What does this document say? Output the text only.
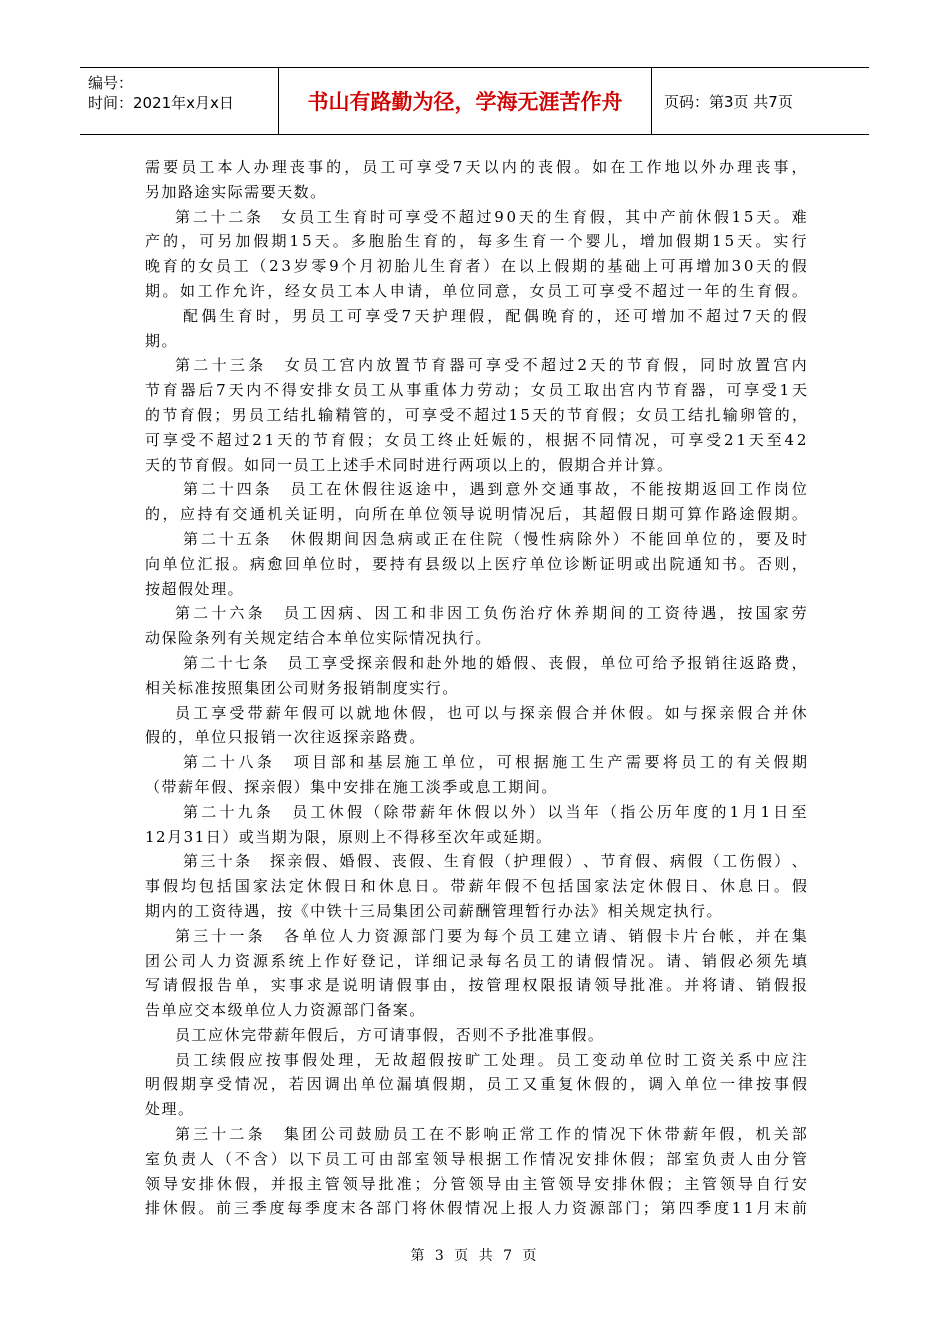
编号：
时间：2021年x月x日	书山有路勤为径，学海无涯苦作舟	页码：第3页 共7页
需 要 员 工 本 人 办 理 丧 事 的 ， 员 工 可 享 受 7 天 以 内 的 丧 假 。 如 在 工 作 地 以 外 办 理 丧 事 ，
另 加 路 途 实 际 需 要 天 数 。
第 二 十 二 条
　 女 员 工 生 育 时 可 享 受 不 超 过 9 0 天 的 生 育 假 ， 其 中 产 前 休 假 1 5 天 。 难
产 的 ， 可 另 加 假 期 1 5 天 。 多 胞 胎 生 育 的 ， 每 多 生 育 一 个 婴 儿 ， 增 加 假 期 1 5 天 。 实 行
晚 育 的 女 员 工 （ 2 3 岁 零 9 个 月 初 胎 儿 生 育 者 ） 在 以 上 假 期 的 基 础 上 可 再 增 加 3 0 天 的 假
期 。 如 工 作 允 许 ， 经 女 员 工 本 人 申 请 ， 单 位 同 意 ， 女 员 工 可 享 受 不 超 过 一 年 的 生 育 假 。
配 偶 生 育 时 ， 男 员 工 可 享 受 7 天 护 理 假 ， 配 偶 晚 育 的 ， 还 可 增 加 不 超 过 7 天 的 假
期 。
第 二 十 三 条
　 女 员 工 宫 内 放 置 节 育 器 可 享 受 不 超 过 2 天 的 节 育 假 ， 同 时 放 置 宫 内
节 育 器 后 7 天 内 不 得 安 排 女 员 工 从 事 重 体 力 劳 动 ； 女 员 工 取 出 宫 内 节 育 器 ， 可 享 受 1 天
的 节 育 假 ； 男 员 工 结 扎 输 精 管 的 ， 可 享 受 不 超 过 1 5 天 的 节 育 假 ； 女 员 工 结 扎 输 卵 管 的 ，
可 享 受 不 超 过 2 1 天 的 节 育 假 ； 女 员 工 终 止 妊 娠 的 ， 根 据 不 同 情 况 ， 可 享 受 2 1 天 至 4 2
天 的 节 育 假 。 如 同 一 员 工 上 述 手 术 同 时 进 行 两 项 以 上 的 ， 假 期 合 并 计 算 。
第 二 十 四 条
　 员 工 在 休 假 往 返 途 中 ， 遇 到 意 外 交 通 事 故 ， 不 能 按 期 返 回 工 作 岗 位
的 ， 应 持 有 交 通 机 关 证 明 ， 向 所 在 单 位 领 导 说 明 情 况 后 ， 其 超 假 日 期 可 算 作 路 途 假 期 。
第 二 十 五 条
　 休 假 期 间 因 急 病 或 正 在 住 院 （ 慢 性 病 除 外 ） 不 能 回 单 位 的 ， 要 及 时
向 单 位 汇 报 。 病 愈 回 单 位 时 ， 要 持 有 县 级 以 上 医 疗 单 位 诊 断 证 明 或 出 院 通 知 书 。 否 则 ，
按 超 假 处 理 。
第 二 十 六 条
　 员 工 因 病 、 因 工 和 非 因 工 负 伤 治 疗 休 养 期 间 的 工 资 待 遇 ， 按 国 家 劳
动 保 险 条 列 有 关 规 定 结 合 本 单 位 实 际 情 况 执 行 。
第 二 十 七 条
　 员 工 享 受 探 亲 假 和 赴 外 地 的 婚 假 、 丧 假 ， 单 位 可 给 予 报 销 往 返 路 费 ，
相 关 标 准 按 照 集 团 公 司 财 务 报 销 制 度 实 行 。
员 工 享 受 带 薪 年 假 可 以 就 地 休 假 ， 也 可 以 与 探 亲 假 合 并 休 假 。 如 与 探 亲 假 合 并 休
假 的 ， 单 位 只 报 销 一 次 往 返 探 亲 路 费 。
第 二 十 八 条
　 项 目 部 和 基 层 施 工 单 位 ， 可 根 据 施 工 生 产 需 要 将 员 工 的 有 关 假 期
（ 带 薪 年 假 、 探 亲 假 ） 集 中 安 排 在 施 工 淡 季 或 息 工 期 间 。
第 二 十 九 条
　 员 工 休 假 （ 除 带 薪 年 休 假 以 外 ） 以 当 年 （ 指 公 历 年 度 的 1 月 1 日 至
1 2 月 3 1 日 ） 或 当 期 为 限 ， 原 则 上 不 得 移 至 次 年 或 延 期 。
第 三 十 条
　 探 亲 假 、 婚 假 、 丧 假 、 生 育 假 （ 护 理 假 ） 、 节 育 假 、 病 假 （ 工 伤 假 ） 、
事 假 均 包 括 国 家 法 定 休 假 日 和 休 息 日 。 带 薪 年 假 不 包 括 国 家 法 定 休 假 日 、 休 息 日 。 假
期 内 的 工 资 待 遇 ， 按 《 中 铁 十 三 局 集 团 公 司 薪 酬 管 理 暂 行 办 法 》 相 关 规 定 执 行 。
第 三 十 一 条
　 各 单 位 人 力 资 源 部 门 要 为 每 个 员 工 建 立 请 、 销 假 卡 片 台 帐 ， 并 在 集
团 公 司 人 力 资 源 系 统 上 作 好 登 记 ， 详 细 记 录 每 名 员 工 的 请 假 情 况 。 请 、 销 假 必 须 先 填
写 请 假 报 告 单 ， 实 事 求 是 说 明 请 假 事 由 ， 按 管 理 权 限 报 请 领 导 批 准 。 并 将 请 、 销 假 报
告 单 应 交 本 级 单 位 人 力 资 源 部 门 备 案 。
员 工 应 休 完 带 薪 年 假 后 ， 方 可 请 事 假 ， 否 则 不 予 批 准 事 假 。
员 工 续 假 应 按 事 假 处 理 ， 无 故 超 假 按 旷 工 处 理 。 员 工 变 动 单 位 时 工 资 关 系 中 应 注
明 假 期 享 受 情 况 ， 若 因 调 出 单 位 漏 填 假 期 ， 员 工 又 重 复 休 假 的 ， 调 入 单 位 一 律 按 事 假
处 理 。
第 三 十 二 条
　 集 团 公 司 鼓 励 员 工 在 不 影 响 正 常 工 作 的 情 况 下 休 带 薪 年 假 ， 机 关 部
室 负 责 人 （ 不 含 ） 以 下 员 工 可 由 部 室 领 导 根 据 工 作 情 况 安 排 休 假 ； 部 室 负 责 人 由 分 管
领 导 安 排 休 假 ， 并 报 主 管 领 导 批 准 ； 分 管 领 导 由 主 管 领 导 安 排 休 假 ； 主 管 领 导 自 行 安
排 休 假 。 前 三 季 度 每 季 度 末 各 部 门 将 休 假 情 况 上 报 人 力 资 源 部 门 ； 第 四 季 度 1 1 月 末 前
第 3 页 共 7 页
